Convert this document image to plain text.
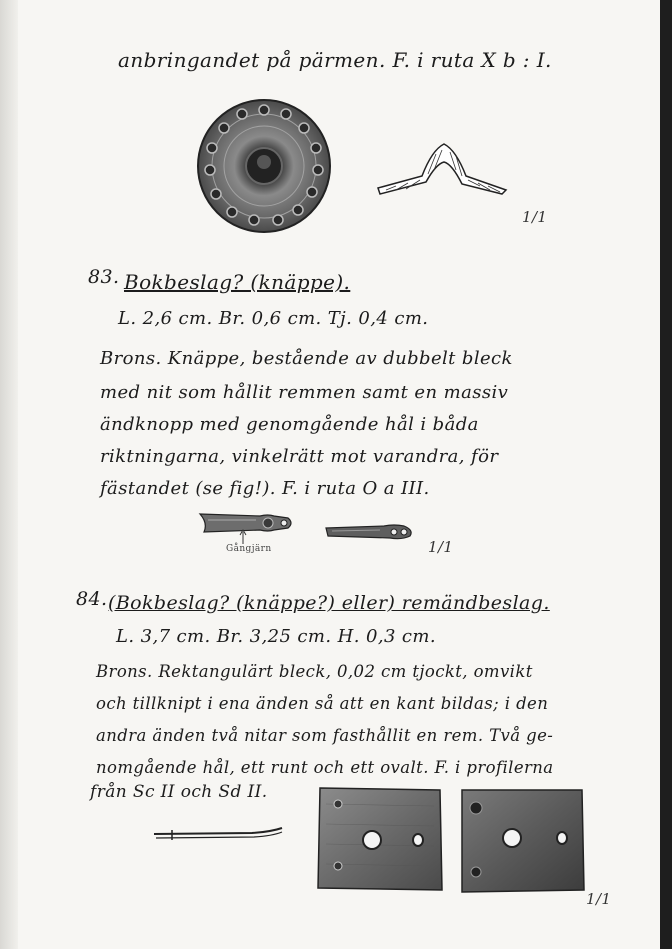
anbringandet på pärmen. F. i ruta X b : I.

1/1

83. Bokbeslag? (knäppe).

L. 2,6 cm. Br. 0,6 cm. Tj. 0,4 cm.

Brons. Knäppe, bestående av dubbelt bleck

med nit som hållit remmen samt en massiv

ändknopp med genomgående hål i båda

riktningarna, vinkelrätt mot varandra, för

fästandet (se fig!). F. i ruta O a III.

Gångjärn	1/1

84. (Bokbeslag? (knäppe?) eller) remändbeslag.

L. 3,7 cm. Br. 3,25 cm. H. 0,3 cm.

Brons. Rektangulärt bleck, 0,02 cm tjockt, omvikt

och tillknipt i ena änden så att en kant bildas; i den

andra änden två nitar som fasthållit en rem. Två ge-

nomgående hål, ett runt och ett ovalt. F. i profilerna

från Sc II och Sd II.

1/1
